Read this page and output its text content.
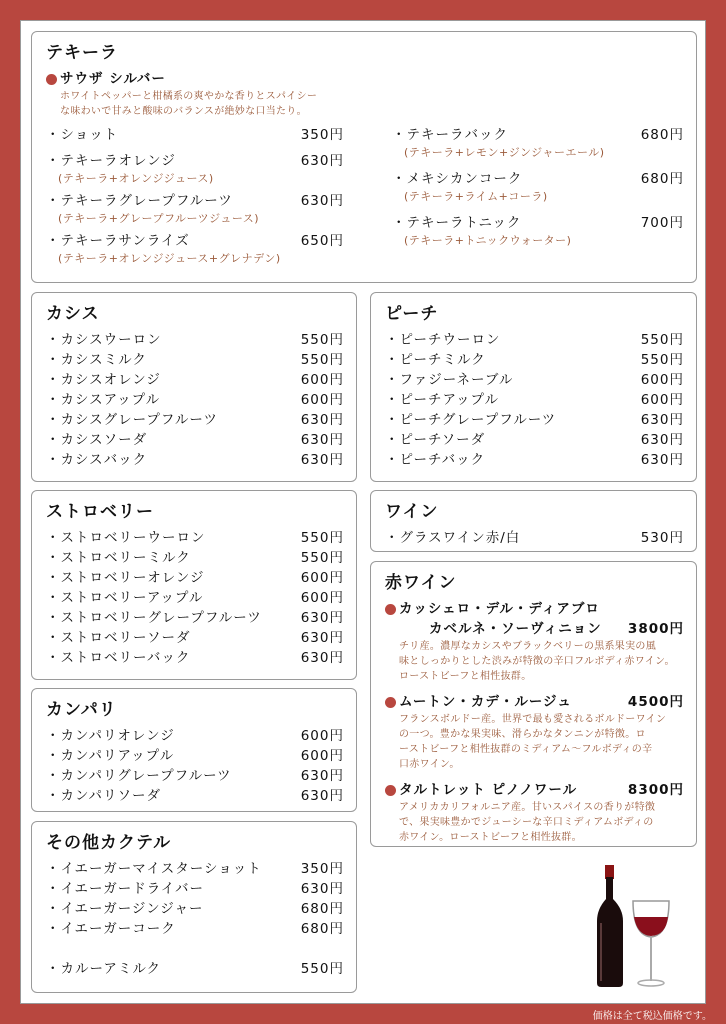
テキーラ
サウザ シルバー
ホワイトペッパーと柑橘系の爽やかな香りとスパイシー
な味わいで甘みと酸味のバランスが絶妙な口当たり。
・ショット	350円
・テキーラオレンジ	630円
(テキーラ+オレンジジュース)
・テキーラグレープフルーツ	630円
(テキーラ+グレープフルーツジュース)
・テキーラサンライズ	650円
(テキーラ+オレンジジュース+グレナデン)
・テキーラバック	680円
(テキーラ+レモン+ジンジャーエール)
・メキシカンコーク	680円
(テキーラ+ライム+コーラ)
・テキーラトニック	700円
(テキーラ+トニックウォーター)
カシス
・カシスウーロン	550円
・カシスミルク	550円
・カシスオレンジ	600円
・カシスアップル	600円
・カシスグレープフルーツ	630円
・カシスソーダ	630円
・カシスバック	630円
ピーチ
・ピーチウーロン	550円
・ピーチミルク	550円
・ファジーネーブル	600円
・ピーチアップル	600円
・ピーチグレープフルーツ	630円
・ピーチソーダ	630円
・ピーチバック	630円
ストロベリー
・ストロベリーウーロン	550円
・ストロベリーミルク	550円
・ストロベリーオレンジ	600円
・ストロベリーアップル	600円
・ストロベリーグレープフルーツ	630円
・ストロベリーソーダ	630円
・ストロベリーバック	630円
ワイン
・グラスワイン赤/白	530円
赤ワイン
カッシェロ・デル・ディアブロ
カベルネ・ソーヴィニョン 3800円
チリ産。濃厚なカシスやブラックベリーの黒系果実の風
味としっかりとした渋みが特徴の辛口フルボディ赤ワイン。
ローストビーフと相性抜群。
ムートン・カデ・ルージュ	4500円
フランスボルドー産。世界で最も愛されるボルドーワイン
の一つ。豊かな果実味、滑らかなタンニンが特徴。ロ
ーストビーフと相性抜群のミディアム～フルボディの辛
口赤ワイン。
タルトレット ピノノワール	8300円
アメリカカリフォルニア産。甘いスパイスの香りが特徴
で、果実味豊かでジューシーな辛口ミディアムボディの
赤ワイン。ローストビーフと相性抜群。
カンパリ
・カンパリオレンジ	600円
・カンパリアップル	600円
・カンパリグレープフルーツ	630円
・カンパリソーダ	630円
その他カクテル
・イエーガーマイスターショット	350円
・イエーガードライバー	630円
・イエーガージンジャー	680円
・イエーガーコーク	680円
・カルーアミルク	550円
価格は全て税込価格です。
